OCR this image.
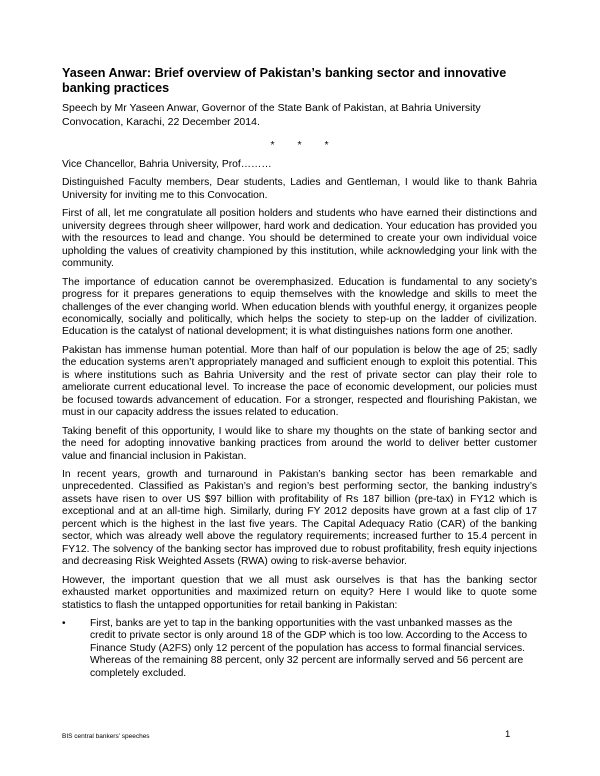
Yaseen Anwar: Brief overview of Pakistan’s banking sector and innovative banking practices

Speech by Mr Yaseen Anwar, Governor of the State Bank of Pakistan, at Bahria University Convocation, Karachi, 22 December 2014.

* * *

Vice Chancellor, Bahria University, Prof………

Distinguished Faculty members, Dear students, Ladies and Gentleman, I would like to thank Bahria University for inviting me to this Convocation.

First of all, let me congratulate all position holders and students who have earned their distinctions and university degrees through sheer willpower, hard work and dedication. Your education has provided you with the resources to lead and change. You should be determined to create your own individual voice upholding the values of creativity championed by this institution, while acknowledging your link with the community.

The importance of education cannot be overemphasized. Education is fundamental to any society’s progress for it prepares generations to equip themselves with the knowledge and skills to meet the challenges of the ever changing world. When education blends with youthful energy, it organizes people economically, socially and politically, which helps the society to step-up on the ladder of civilization. Education is the catalyst of national development; it is what distinguishes nations form one another.

Pakistan has immense human potential. More than half of our population is below the age of 25; sadly the education systems aren’t appropriately managed and sufficient enough to exploit this potential. This is where institutions such as Bahria University and the rest of private sector can play their role to ameliorate current educational level. To increase the pace of economic development, our policies must be focused towards advancement of education. For a stronger, respected and flourishing Pakistan, we must in our capacity address the issues related to education.

Taking benefit of this opportunity, I would like to share my thoughts on the state of banking sector and the need for adopting innovative banking practices from around the world to deliver better customer value and financial inclusion in Pakistan.

In recent years, growth and turnaround in Pakistan’s banking sector has been remarkable and unprecedented. Classified as Pakistan’s and region’s best performing sector, the banking industry’s assets have risen to over US $97 billion with profitability of Rs 187 billion (pre-tax) in FY12 which is exceptional and at an all-time high. Similarly, during FY 2012 deposits have grown at a fast clip of 17 percent which is the highest in the last five years. The Capital Adequacy Ratio (CAR) of the banking sector, which was already well above the regulatory requirements; increased further to 15.4 percent in FY12. The solvency of the banking sector has improved due to robust profitability, fresh equity injections and decreasing Risk Weighted Assets (RWA) owing to risk-averse behavior.

However, the important question that we all must ask ourselves is that has the banking sector exhausted market opportunities and maximized return on equity? Here I would like to quote some statistics to flash the untapped opportunities for retail banking in Pakistan:

• First, banks are yet to tap in the banking opportunities with the vast unbanked masses as the credit to private sector is only around 18 of the GDP which is too low. According to the Access to Finance Study (A2FS) only 12 percent of the population has access to formal financial services. Whereas of the remaining 88 percent, only 32 percent are informally served and 56 percent are completely excluded.

BIS central bankers’ speeches	1
